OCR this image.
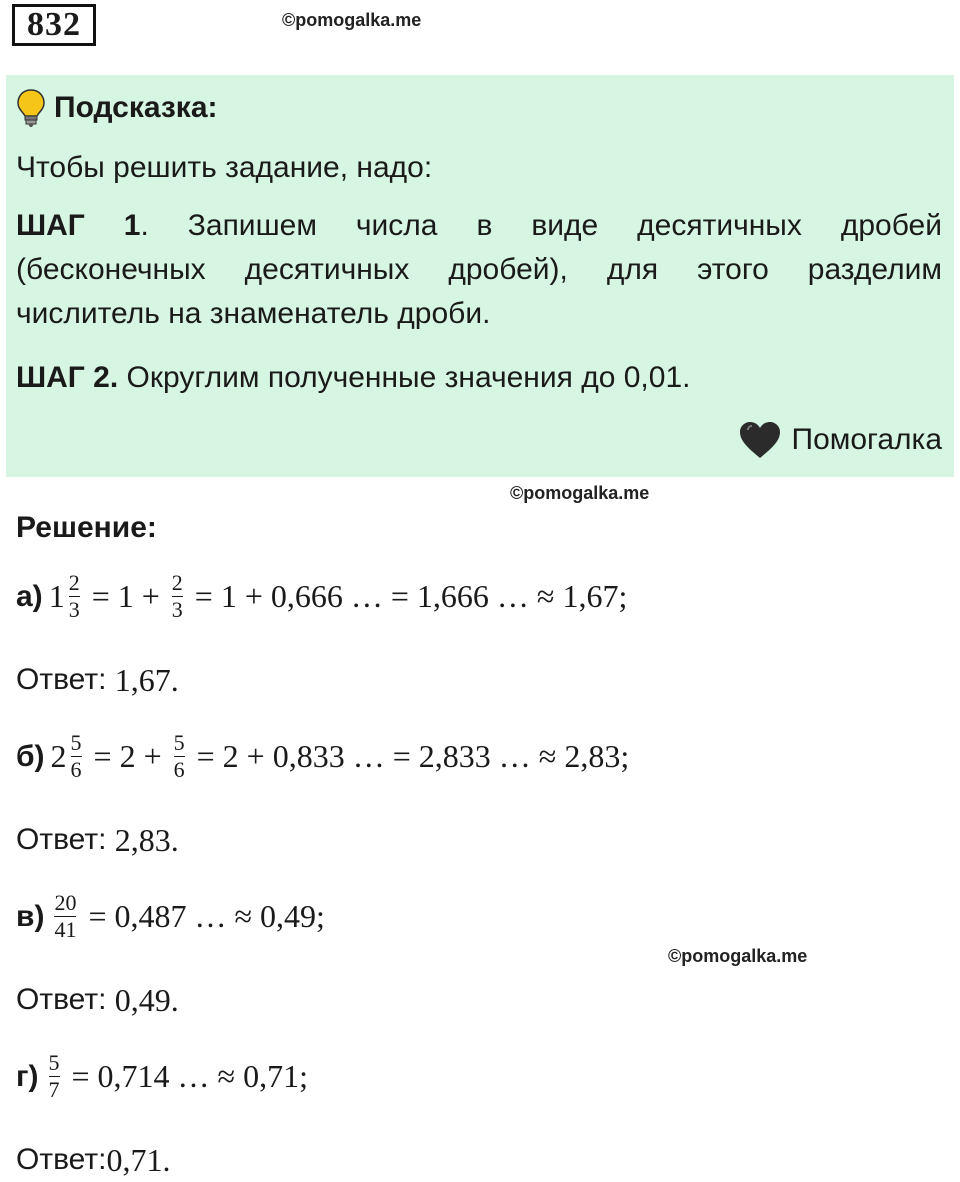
832	©pomogalka.me
Подсказка:
Чтобы решить задание, надо:
ШАГ 1. Запишем числа в виде десятичных дробей
(бесконечных десятичных дробей), для этого разделим
числитель на знаменатель дроби.
ШАГ 2. Округлим полученные значения до 0,01.
Помогалка
©pomogalka.me
Решение:
а) $1 \frac{2}{3} = 1 + \frac{2}{3} = 1 + 0,666$ … = 1,666 … ≈ 1,67;
Ответ: 1,67.
б) $2 \frac{5}{6} = 2 + \frac{5}{6} = 2 + 0,833$ … = 2,833 … ≈ 2,83;
Ответ: 2,83.
$в) \frac{20}{41} = 0,487$ … ≈ 0,49;
©pomogalka.me
Ответ: 0,49.
$г) \frac{5}{7} = 0,714$ … ≈ 0,71;
Ответ: 0,71.
